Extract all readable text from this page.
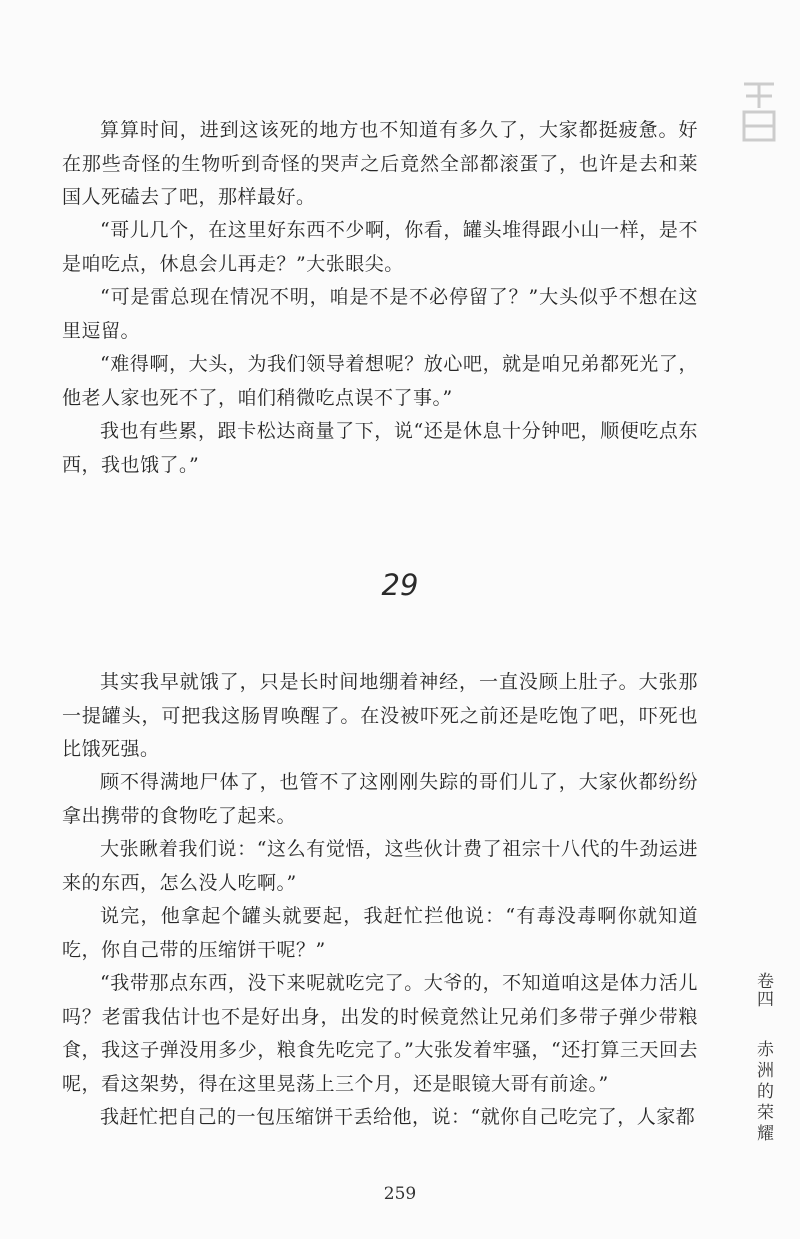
算算时间，进到这该死的地方也不知道有多久了，大家都挺疲惫。好在那些奇怪的生物听到奇怪的哭声之后竟然全部都滚蛋了，也许是去和莱国人死磕去了吧，那样最好。

“哥儿几个，在这里好东西不少啊，你看，罐头堆得跟小山一样，是不是咱吃点，休息会儿再走？”大张眼尖。

“可是雷总现在情况不明，咱是不是不必停留了？”大头似乎不想在这里逗留。

“难得啊，大头，为我们领导着想呢？放心吧，就是咱兄弟都死光了，他老人家也死不了，咱们稍微吃点误不了事。”

我也有些累，跟卡松达商量了下，说“还是休息十分钟吧，顺便吃点东西，我也饿了。”

29

其实我早就饿了，只是长时间地绷着神经，一直没顾上肚子。大张那一提罐头，可把我这肠胃唤醒了。在没被吓死之前还是吃饱了吧，吓死也比饿死强。

顾不得满地尸体了，也管不了这刚刚失踪的哥们儿了，大家伙都纷纷拿出携带的食物吃了起来。

大张瞅着我们说：“这么有觉悟，这些伙计费了祖宗十八代的牛劲运进来的东西，怎么没人吃啊。”

说完，他拿起个罐头就要起，我赶忙拦他说：“有毒没毒啊你就知道吃，你自己带的压缩饼干呢？”

“我带那点东西，没下来呢就吃完了。大爷的，不知道咱这是体力活儿吗？老雷我估计也不是好出身，出发的时候竟然让兄弟们多带子弹少带粮食，我这子弹没用多少，粮食先吃完了。”大张发着牢骚，“还打算三天回去呢，看这架势，得在这里晃荡上三个月，还是眼镜大哥有前途。”

我赶忙把自己的一包压缩饼干丢给他，说：“就你自己吃完了，人家都

卷四
赤洲的荣耀
259
